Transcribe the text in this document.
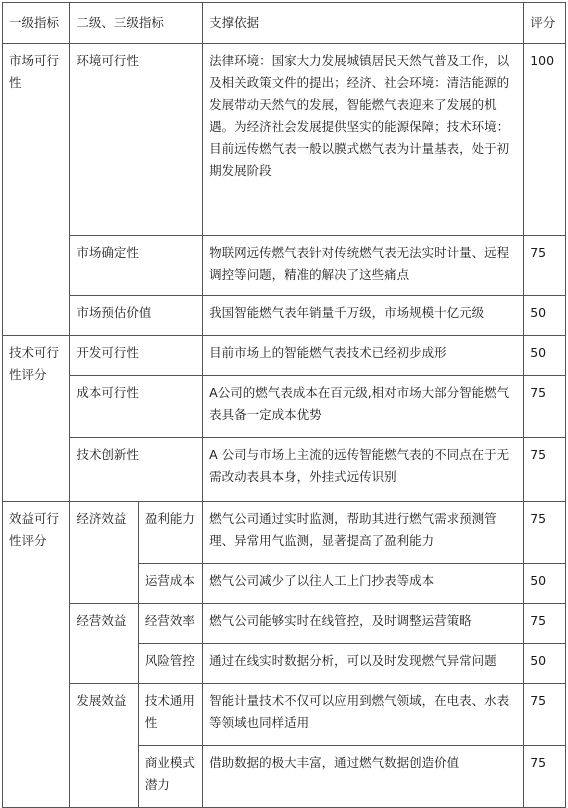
一级指标	二级、三级指标		支撑依据	评分
市场可行性	环境可行性		法律环境：国家大力发展城镇居民天然气普及工作，以及相关政策文件的提出；经济、社会环境：清洁能源的发展带动天然气的发展，智能燃气表迎来了发展的机遇。为经济社会发展提供坚实的能源保障；技术环境：目前远传燃气表一般以膜式燃气表为计量基表，处于初期发展阶段	100
	市场确定性		物联网远传燃气表针对传统燃气表无法实时计量、远程调控等问题，精准的解决了这些痛点	75
	市场预估价值		我国智能燃气表年销量千万级，市场规模十亿元级	50
技术可行性评分	开发可行性		目前市场上的智能燃气表技术已经初步成形	50
	成本可行性		A公司的燃气表成本在百元级,相对市场大部分智能燃气表具备一定成本优势	75
	技术创新性		A 公司与市场上主流的远传智能燃气表的不同点在于无需改动表具本身，外挂式远传识别	75
效益可行性评分	经济效益	盈利能力	燃气公司通过实时监测，帮助其进行燃气需求预测管理、异常用气监测，显著提高了盈利能力	75
		运营成本	燃气公司减少了以往人工上门抄表等成本	50
	经营效益	经营效率	燃气公司能够实时在线管控，及时调整运营策略	75
		风险管控	通过在线实时数据分析，可以及时发现燃气异常问题	50
	发展效益	技术通用性	智能计量技术不仅可以应用到燃气领域，在电表、水表等领域也同样适用	75
		商业模式潜力	借助数据的极大丰富，通过燃气数据创造价值	75
